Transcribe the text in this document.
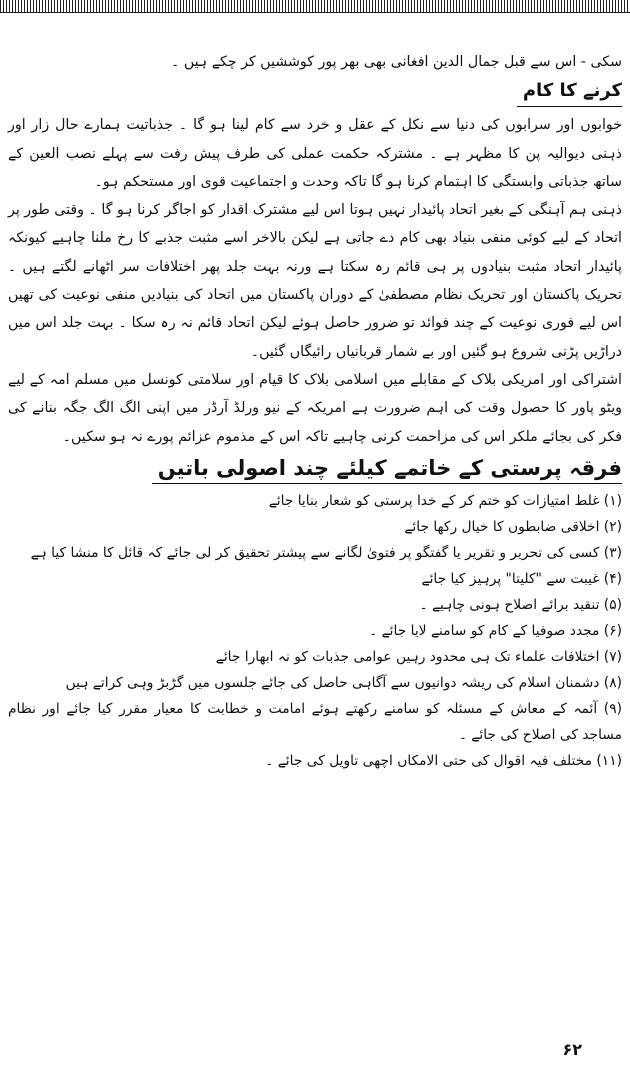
سکی - اس سے قبل جمال الدین افغانی بھی بھر پور کوششیں کر چکے ہیں ۔

کرنے کا کام

خوابوں اور سرابوں کی دنیا سے نکل کے عقل و خرد سے کام لینا ہو گا ۔ جذباتیت ہمارے حال زار اور ذہنی دیوالیہ پن کا مظہر ہے ۔ مشترکہ حکمت عملی کی طرف پیش رفت سے پہلے نصب العین کے ساتھ جذباتی وابستگی کا اہتمام کرنا ہو گا تاکہ وحدت و اجتماعیت قوی اور مستحکم ہو۔

ذہنی ہم آہنگی کے بغیر اتحاد پائیدار نہیں ہوتا اس لیے مشترک اقدار کو اجاگر کرنا ہو گا ۔ وقتی طور پر اتحاد کے لیے کوئی منفی بنیاد بھی کام دے جاتی ہے لیکن بالاخر اسے مثبت جذبے کا رخ ملنا چاہیے کیونکہ پائیدار اتحاد مثبت بنیادوں پر ہی قائم رہ سکتا ہے ورنہ بہت جلد پھر اختلافات سر اٹھانے لگتے ہیں ۔ تحریک پاکستان اور تحریک نظام مصطفیٰ کے دوران پاکستان میں اتحاد کی بنیادیں منفی نوعیت کی تھیں اس لیے فوری نوعیت کے چند فوائد تو ضرور حاصل ہوئے لیکن اتحاد قائم نہ رہ سکا ۔ بہت جلد اس میں دراڑیں پڑنی شروع ہو گئیں اور بے شمار قربانیاں رائیگاں گئیں۔

اشتراکی اور امریکی بلاک کے مقابلے میں اسلامی بلاک کا قیام اور سلامتی کونسل میں مسلم امہ کے لیے ویٹو پاور کا حصول وقت کی اہم ضرورت ہے امریکہ کے نیو ورلڈ آرڈر میں اپنی الگ الگ جگہ بنانے کی فکر کی بجائے ملکر اس کی مزاحمت کرنی چاہیے تاکہ اس کے مذموم عزائم پورے نہ ہو سکیں۔

فرقہ پرستی کے خاتمے کیلئے چند اصولی باتیں
(۱) غلط امتیازات کو ختم کر کے خدا پرستی کو شعار بنایا جائے
(۲) اخلاقی ضابطوں کا خیال رکھا جائے
(۳) کسی کی تحریر و تقریر یا گفتگو پر فتویٰ لگانے سے پیشتر تحقیق کر لی جائے کہ قائل کا منشا کیا ہے
(۴) غیبت سے "کلیتا" پرہیز کیا جائے
(۵) تنقید برائے اصلاح ہونی چاہیے ۔
(۶) مجدد صوفیا کے کام کو سامنے لایا جائے ۔
(۷) اختلافات علماء تک ہی محدود رہیں عوامی جذبات کو نہ ابھارا جائے
(۸) دشمنان اسلام کی ریشہ دوانیوں سے آگاہی حاصل کی جائے جلسوں میں گڑبڑ وہی کراتے ہیں
(۹) آئمہ کے معاش کے مسئلہ کو سامنے رکھتے ہوئے امامت و خطابت کا معیار مقرر کیا جائے اور نظام مساجد کی اصلاح کی جائے ۔
(۱۱) مختلف فیہ اقوال کی حتی الامکاں اچھی تاویل کی جائے ۔
۶۲
